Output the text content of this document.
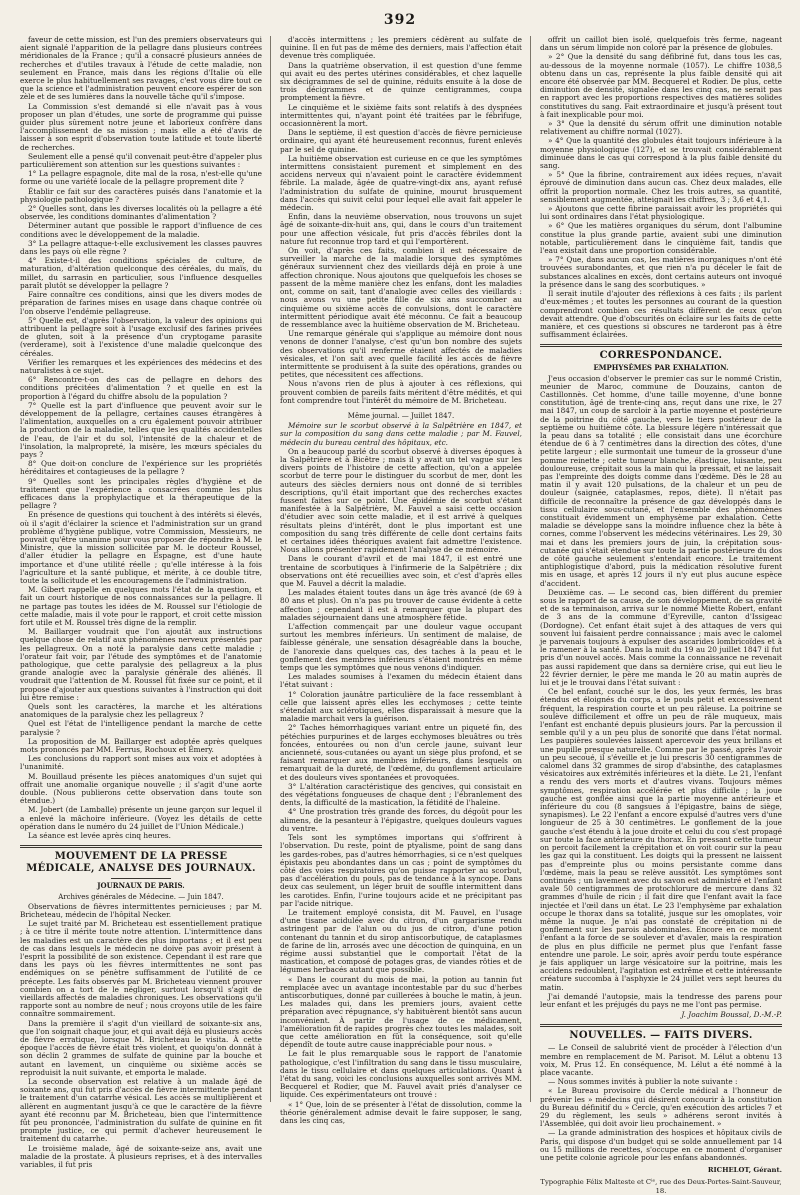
392

faveur de cette mission, est l'un des premiers observateurs qui aient signalé l'apparition de la pellagre dans plusieurs contrées méridionales de la France ; qu'il a consacré plusieurs années de recherches et d'utiles travaux à l'étude de cette maladie, non seulement en France, mais dans les régions d'Italie où elle exerce le plus habituellement ses ravages, c'est vous dire tout ce que la science et l'administration peuvent encore espérer de son zèle et de ses lumières dans la nouvelle tâche qu'il s'impose.

La Commission s'est demandé si elle n'avait pas à vous proposer un plan d'études, une sorte de programme qui puisse guider plus sûrement notre jeune et laborieux confrère dans l'accomplissement de sa mission ; mais elle a été d'avis de laisser à son esprit d'observation toute latitude et toute liberté de recherches.

Seulement elle a pensé qu'il convenait peut-être d'appeler plus particulièrement son attention sur les questions suivantes :

1° La pellagre espagnole, dite mal de la rosa, n'est-elle qu'une forme ou une variété locale de la pellagre proprement dite ?

Établir ce fait sur des caractères puisés dans l'anatomie et la physiologie pathologique ?

2° Quelles sont, dans les diverses localités où la pellagre a été observée, les conditions dominantes d'alimentation ?

Déterminer autant que possible le rapport d'influence de ces conditions avec le développement de la maladie.

3° La pellagre attaque-t-elle exclusivement les classes pauvres dans les pays où elle règne ?

4° Existe-t-il des conditions spéciales de culture, de maturation, d'altération quelconque des céréales, du maïs, du millet, du sarrasin en particulier, sous l'influence desquelles paraît plutôt se développer la pellagre ?

Faire connaître ces conditions, ainsi que les divers modes de préparation de farines mises en usage dans chaque contrée où l'on observe l'endémie pellagreuse.

5° Quelle est, d'après l'observation, la valeur des opinions qui attribuent la pellagre soit à l'usage exclusif des farines privées de gluten, soit à la présence d'un cryptogame parasite (verderame), soit à l'existence d'une maladie quelconque des céréales.

Vérifier les remarques et les expériences des médecins et des naturalistes à ce sujet.

6° Rencontre-t-on des cas de pellagre en dehors des conditions précitées d'alimentation ? et quelle en est la proportion à l'égard du chiffre absolu de la population ?

7° Quelle est la part d'influence que peuvent avoir sur le développement de la pellagre, certaines causes étrangères à l'alimentation, auxquelles on a cru également pouvoir attribuer la production de la maladie, telles que les qualités accidentelles de l'eau, de l'air et du sol, l'intensité de la chaleur et de l'insolation, la malpropreté, la misère, les mœurs spéciales du pays ?

8° Que doit-on conclure de l'expérience sur les propriétés héréditaires et contagieuses de la pellagre ?

9° Quelles sont les principales règles d'hygiène et de traitement que l'expérience a consacrées comme les plus efficaces dans la prophylactique et la thérapeutique de la pellagre ?

En présence de questions qui touchent à des intérêts si élevés, où il s'agit d'éclairer la science et l'administration sur un grand problème d'hygiène publique, votre Commission, Messieurs, ne pouvait qu'être unanime pour vous proposer de répondre à M. le Ministre, que la mission sollicitée par M. le docteur Roussel, d'aller étudier la pellagre en Espagne, est d'une haute importance et d'une utilité réelle ; qu'elle intéresse à la fois l'agriculture et la santé publique, et mérite, à ce double titre, toute la sollicitude et les encouragemens de l'administration.

M. Gibert rappelle en quelques mots l'état de la question, et fait un court historique de nos connaissances sur la pellagre. Il ne partage pas toutes les idées de M. Roussel sur l'étiologie de cette maladie, mais il vote pour le rapport, et croit cette mission fort utile et M. Roussel très digne de la remplir.

M. Baillarger voudrait que l'on ajoutât aux instructions quelque chose de relatif aux phénomènes nerveux présentés par les pellagreux. On a noté la paralysie dans cette maladie ; l'orateur fait voir, par l'étude des symptômes et de l'anatomie pathologique, que cette paralysie des pellagreux a la plus grande analogie avec la paralysie générale des aliénés. Il voudrait que l'attention de M. Roussel fût fixée sur ce point, et il propose d'ajouter aux questions suivantes à l'instruction qui doit lui être remise :

Quels sont les caractères, la marche et les altérations anatomiques de la paralysie chez les pellagreux ?

Quel est l'état de l'intelligence pendant la marche de cette paralysie ?

La proposition de M. Baillarger est adoptée après quelques mots prononcés par MM. Ferrus, Rochoux et Émery.

Les conclusions du rapport sont mises aux voix et adoptées à l'unanimité.

M. Bouillaud présente les pièces anatomiques d'un sujet qui offrait une anomalie organique nouvelle ; il s'agit d'une aorte double. (Nous publierons cette observation dans toute son étendue.)

M. Jobert (de Lamballe) présente un jeune garçon sur lequel il a enlevé la mâchoire inférieure. (Voyez les détails de cette opération dans le numéro du 24 juillet de l'Union Médicale.)

La séance est levée après cinq heures.

MOUVEMENT DE LA PRESSE MÉDICALE, ANALYSE DES JOURNAUX.
JOURNAUX DE PARIS.
Archives générales de Médecine. — Juin 1847.

Observations de fièvres intermittentes pernicieuses ; par M. Bricheteau, médecin de l'hôpital Necker.

Le sujet traité par M. Bricheteau est essentiellement pratique ; à ce titre il mérite toute notre attention. L'intermittence dans les maladies est un caractère des plus importans ; et il est peu de cas dans lesquels le médecin ne doive pas avoir présent à l'esprit la possibilité de son existence. Cependant il est rare que dans les pays où les fièvres intermittentes ne sont pas endémiques on se pénètre suffisamment de l'utilité de ce précepte. Les faits observés par M. Bricheteau viennent prouver combien on a tort de le négliger, surtout lorsqu'il s'agit de vieillards affectés de maladies chroniques. Les observations qu'il rapporte sont au nombre de neuf ; nous croyons utile de les faire connaître sommairement.

Dans la première il s'agit d'un vieillard de soixante-six ans, que l'on soignait chaque jour, et qui avait déjà eu plusieurs accès de fièvre erratique, lorsque M. Bricheteau le visita. À cette époque l'accès de fièvre était très violent, et quoiqu'on donnât à son déclin 2 grammes de sulfate de quinine par la bouche et autant en lavement, un cinquième ou sixième accès se reproduisit la nuit suivante, et emporta le malade.

La seconde observation est relative à un malade âgé de soixante ans, qui fut pris d'accès de fièvre intermittente pendant le traitement d'un catarrhe vésical. Les accès se multiplièrent et allèrent en augmentant jusqu'à ce que le caractère de la fièvre ayant été reconnu par M. Bricheteau, bien que l'intermittence fût peu prononcée, l'administration du sulfate de quinine en fit prompte justice, ce qui permit d'achever heureusement le traitement du catarrhe.

Le troisième malade, âgé de soixante-seize ans, avait une maladie de la prostate. À plusieurs reprises, et à des intervalles variables, il fut pris

d'accès intermittens ; les premiers cédèrent au sulfate de quinine. Il en fut pas de même des derniers, mais l'affection était devenue très compliquée.

Dans la quatrième observation, il est question d'une femme qui avait eu des pertes utérines considérables, et chez laquelle six décigrammes de sel de quinine, réduits ensuite à la dose de trois décigrammes et de quinze centigrammes, coupa promptement la fièvre.

Le cinquième et le sixième faits sont relatifs à des dyspnées intermittentes qui, n'ayant point été traitées par le fébrifuge, occasionnèrent la mort.

Dans le septième, il est question d'accès de fièvre pernicieuse ordinaire, qui ayant été heureusement reconnus, furent enlevés par le sel de quinine.

La huitième observation est curieuse en ce que les symptômes intermittens consistaient purement et simplement en des accidens nerveux qui n'avaient point le caractère évidemment fébrile. La malade, âgée de quatre-vingt-dix ans, ayant refusé l'administration du sulfate de quinine, mourut brusquement dans l'accès qui suivit celui pour lequel elle avait fait appeler le médecin.

Enfin, dans la neuvième observation, nous trouvons un sujet âgé de soixante-dix-huit ans, qui, dans le cours d'un traitement pour une affection vésicale, fut pris d'accès fébriles dont la nature fut reconnue trop tard et qui l'emportèrent.

On voit, d'après ces faits, combien il est nécessaire de surveiller la marche de la maladie lorsque des symptômes généraux surviennent chez des vieillards déjà en proie à une affection chronique. Nous ajoutons que quelquefois les choses se passent de la même manière chez les enfans, dont les maladies ont, comme on sait, tant d'analogie avec celles des vieillards : nous avons vu une petite fille de six ans succomber au cinquième ou sixième accès de convulsions, dont le caractère intermittent périodique avait été méconnu. Ce fait a beaucoup de ressemblance avec la huitième observation de M. Bricheteau.

Une remarque générale qui s'applique au mémoire dont nous venons de donner l'analyse, c'est qu'un bon nombre des sujets des observations qu'il renferme étaient affectés de maladies vésicales, et l'on sait avec quelle facilité les accès de fièvre intermittente se produisent à la suite des opérations, grandes ou petites, que nécessitent ces affections.

Nous n'avons rien de plus à ajouter à ces réflexions, qui prouvent combien de pareils faits méritent d'être médités, et qui font comprendre tout l'intérêt du mémoire de M. Bricheteau.

Même journal. — Juillet 1847.

Mémoire sur le scorbut observé à la Salpêtrière en 1847, et sur la composition du sang dans cette maladie ; par M. Fauvel, médecin du bureau central des hôpitaux, etc.

On a beaucoup parlé du scorbut observé à diverses époques à la Salpêtrière et à Bicêtre ; mais il y avait un tel vague sur les divers points de l'histoire de cette affection, qu'on a appelée scorbut de terre pour le distinguer du scorbut de mer, dont les auteurs des siècles derniers nous ont donné de si terribles descriptions, qu'il était important que des recherches exactes fussent faites sur ce point. Une épidémie de scorbut s'étant manifestée à la Salpêtrière, M. Fauvel a saisi cette occasion d'étudier avec soin cette maladie, et il est arrivé à quelques résultats pleins d'intérêt, dont le plus important est une composition du sang très différente de celle dont certains faits et certaines idées théoriques avaient fait admettre l'existence. Nous allons présenter rapidement l'analyse de ce mémoire.

Dans le courant d'avril et de mai 1847, il est entré une trentaine de scorbutiques à l'infirmerie de la Salpêtrière ; dix observations ont été recueillies avec soin, et c'est d'après elles que M. Fauvel a décrit la maladie.

Les malades étaient toutes dans un âge très avancé (de 69 à 80 ans et plus). On n'a pas pu trouver de cause évidente à cette affection ; cependant il est à remarquer que la plupart des malades séjournaient dans une atmosphère fétide.

L'affection commençait par une douleur vague occupant surtout les membres inférieurs. Un sentiment de malaise, de faiblesse générale, une sensation désagréable dans la bouche, de l'anorexie dans quelques cas, des taches à la peau et le gonflement des membres inférieurs s'étaient montrés en même temps que les symptômes que nous venons d'indiquer.

Les malades soumises à l'examen du médecin étaient dans l'état suivant :

1° Coloration jaunâtre particulière de la face ressemblant à celle que laissent après elles les ecchymoses ; cette teinte s'étendait aux sclérotiques, elles disparaissait à mesure que la maladie marchait vers la guérison.

2° Taches hémorrhagiques variant entre un piqueté fin, des pétéchies purpurines et de larges ecchymoses bleuâtres ou très foncées, entourées ou non d'un cercle jaune, suivant leur ancienneté, sous-cutanées ou ayant un siège plus profond, et se faisant remarquer aux membres inférieurs, dans lesquels on remarquait de la dureté, de l'œdème, du gonflement articulaire et des douleurs vives spontanées et provoquées.

3° L'altération caractéristique des gencives, qui consistait en des végétations fongueuses de chaque dent ; l'ébranlement des dents, la difficulté de la mastication, la fétidité de l'haleine.

4° Une prostration très grande des forces, du dégoût pour les alimens, de la pesanteur à l'épigastre, quelques douleurs vagues du ventre.

Tels sont les symptômes importans qui s'offrirent à l'observation. Du reste, point de ptyalisme, point de sang dans les gardes-robes, pas d'autres hémorrhagies, si ce n'est quelques épistaxis peu abondantes dans un cas ; point de symptômes du côté des voies respiratoires qu'on puisse rapporter au scorbut, pas d'accélération du pouls, pas de tendance à la syncope. Dans deux cas seulement, un léger bruit de souffle intermittent dans les carotides. Enfin, l'urine toujours acide et ne précipitant pas par l'acide nitrique.

Le traitement employé consista, dit M. Fauvel, en l'usage d'une tisane acidulée avec du citron, d'un gargarisme rendu astringent par de l'alun ou du jus de citron, d'une potion contenant du tannin et du sirop antiscorbutique, de cataplasmes de farine de lin, arrosés avec une décoction de quinquina, en un régime aussi substantiel que le comportait l'état de la mastication, et composé de potages gras, de viandes rôties et de légumes herbacés autant que possible.

« Dans le courant du mois de mai, la potion au tannin fut remplacée avec un avantage incontestable par du suc d'herbes antiscorbutiques, donné par cuillerées à bouche le matin, à jeun. Les malades qui, dans les premiers jours, avaient cette préparation avec répugnance, s'y habituèrent bientôt sans aucun inconvénient. À partir de l'usage de ce médicament, l'amélioration fit de rapides progrès chez toutes les malades, soit que cette amélioration en fût la conséquence, soit qu'elle dépendît de toute autre cause inappréciable pour nous. »

Le fait le plus remarquable sous le rapport de l'anatomie pathologique, c'est l'infiltration du sang dans le tissu musculaire, dans le tissu cellulaire et dans quelques articulations. Quant à l'état du sang, voici les conclusions auxquelles sont arrivés MM. Becquerel et Rodier, que M. Fauvel avait priés d'analyser ce liquide. Ces expérimentateurs ont trouvé :

« 1° Que, loin de se présenter à l'état de dissolution, comme la théorie généralement admise devait le faire supposer, le sang, dans les cinq cas,

offrit un caillot bien isolé, quelquefois très ferme, nageant dans un sérum limpide non coloré par la présence de globules.

» 2° Que la densité du sang défibriné fut, dans tous les cas, au-dessous de la moyenne normale (1057). Le chiffre 1038,5 obtenu dans un cas, représente la plus faible densité qui ait encore été observée par MM. Becquerel et Rodier. De plus, cette diminution de densité, signalée dans les cinq cas, ne serait pas en rapport avec les proportions respectives des matières solides constitutives du sang. Fait extraordinaire et jusqu'à présent tout à fait inexplicable pour moi.

» 3° Que la densité du sérum offrit une diminution notable relativement au chiffre normal (1027).

» 4° Que la quantité des globules était toujours inférieure à la moyenne physiologique (127), et se trouvait considérablement diminuée dans le cas qui correspond à la plus faible densité du sang.

» 5° Que la fibrine, contrairement aux idées reçues, n'avait éprouvé de diminution dans aucun cas. Chez deux malades, elle offrit la proportion normale. Chez les trois autres, sa quantité, sensiblement augmentée, atteignait les chiffres, 3 ; 3,6 et 4,1.

» Ajoutons que cette fibrine paraissait avoir les propriétés qui lui sont ordinaires dans l'état physiologique.

» 6° Que les matières organiques du sérum, dont l'albumine constitue la plus grande partie, avaient subi une diminution notable, particulièrement dans le cinquième fait, tandis que l'eau existait dans une proportion considérable.

» 7° Que, dans aucun cas, les matières inorganiques n'ont été trouvées surabondantes, et que rien n'a pu déceler le fait de substances alcalines en excès, dont certains auteurs ont invoqué la présence dans le sang des scorbutiques. »

Il serait inutile d'ajouter des réflexions à ces faits ; ils parlent d'eux-mêmes ; et toutes les personnes au courant de la question comprendront combien ces résultats diffèrent de ceux qu'on devait attendre. Que d'obscurités on éclaire sur les faits de cette manière, et ces questions si obscures ne tarderont pas à être suffisamment éclairées.

CORRESPONDANCE.
EMPHYSÈMES PAR EXHALATION.

J'eus occasion d'observer le premier cas sur le nommé Cristin, meunier de Maroc, commune de Douzains, canton de Castillonnès. Cet homme, d'une taille moyenne, d'une bonne constitution, âgé de trente-cinq ans, reçut dans une rixe, le 27 mai 1847, un coup de sarcloir à la partie moyenne et postérieure de la poitrine du côté gauche, vers le tiers postérieur de la septième ou huitième côte. La blessure légère n'intéressait que la peau dans sa totalité ; elle consistait dans une écorchure étendue de 6 à 7 centimètres dans la direction des côtes, d'une petite largeur ; elle surmontait une tumeur de la grosseur d'une pomme reinette ; cette tumeur blanche, élastique, luisante, peu douloureuse, crépitait sous la main qui la pressait, et ne laissait pas l'empreinte des doigts comme dans l'œdème. Dès le 28 au matin il y avait 120 pulsations, de la chaleur et un peu de douleur (saignée, cataplasmes, repos, diète). Il n'était pas difficile de reconnaître la présence de gaz développés dans le tissu cellulaire sous-cutané, et l'ensemble des phénomènes constituait évidemment un emphysème par exhalation. Cette maladie se développe sans la moindre influence chez la bête à cornes, comme l'observent les médecins vétérinaires. Les 29, 30 mai et dans les premiers jours de juin, la crépitation sous-cutanée qui s'était étendue sur toute la partie postérieure du dos de côté gauche seulement s'entendait encore. Le traitement antiphlogistique d'abord, puis la médication résolutive furent mis en usage, et après 12 jours il n'y eut plus aucune espèce d'accident.

Deuxième cas. — Le second cas, bien différent du premier sous le rapport de sa cause, de son développement, de sa gravité et de sa terminaison, arriva sur le nommé Miette Robert, enfant de 3 ans de la commune d'Eyreville, canton d'Issigeac (Dordogne). Cet enfant était sujet à des attaques de vers qui souvent lui faisaient perdre connaissance ; mais avec le calomel je parvenais toujours à expulser des ascarides lombricoïdes et à le ramener à la santé. Dans la nuit du 19 au 20 juillet 1847 il fut pris d'un nouvel accès. Mais comme la connaissance ne revenait pas aussi rapidement que dans sa dernière crise, qui eut lieu le 22 février dernier, le père me manda le 20 au matin auprès de lui et je le trouvai dans l'état suivant :

Ce bel enfant, couché sur le dos, les yeux fermés, les bras étendus et éloignés du corps, a le pouls petit et excessivement fréquent, la respiration courte et un peu râleuse. La poitrine se soulève difficilement et offre un peu de râle muqueux, mais l'enfant est enchanté depuis plusieurs jours. Par la percussion il semble qu'il y a un peu plus de sonorité que dans l'état normal. Les paupières soulevées laissent apercevoir des yeux brillans et une pupille presque naturelle. Comme par le passé, après l'avoir un peu secoué, il s'éveille et je lui prescris 30 centigrammes de calomel dans 32 grammes de sirop d'absinthe, des cataplasmes vésicatoires aux extrémités inférieures et la diète. Le 21, l'enfant a rendu des vers morts et d'autres vivans. Toujours mêmes symptômes, respiration accélérée et plus difficile ; la joue gauche est gonflée ainsi que la partie moyenne antérieure et inférieure du cou (8 sangsues à l'épigastre, bains de siège, synapismes). Le 22 l'enfant a encore expulsé d'autres vers d'une longueur de 25 à 30 centimètres. Le gonflement de la joue gauche s'est étendu à la joue droite et celui du cou s'est propagé sur toute la face antérieure du thorax. En pressant cette tumeur on percoit facilement la crépitation et on voit courir sur la peau les gaz qui la constituent. Les doigts qui la pressent ne laissent pas d'empreinte plus ou moins persistante comme dans l'œdème, mais la peau se relève aussitôt. Les symptômes sont continués ; un lavement avec du savon est administré et l'enfant avale 50 centigrammes de protochlorure de mercure dans 32 grammes d'huile de ricin ; il fait dire que l'enfant avait la face injectée et l'œil dans un état. Le 23 l'emphysème par exhalation occupe le thorax dans sa totalité, jusque sur les omoplates, voir même la nuque. Je n'ai pas constaté de crépitation ni de gonflement sur les parois abdominales. Encore en ce moment l'enfant a la force de se soulever et d'avaler, mais la respiration de plus en plus difficile ne permet plus que l'enfant fasse entendre une parole. Le soir, après avoir perdu toute espérance je fais appliquer un large vésicatoire sur la poitrine, mais les accidens redoublent, l'agitation est extrême et cette intéressante créature succomba à l'asphyxie le 24 juillet vers sept heures du matin.

J'ai demandé l'autopsie, mais la tendresse des parens pour leur enfant et les préjugés du pays ne me l'ont pas permise.

J. Joachim Boussal, D.-M.-P.
NOUVELLES. — FAITS DIVERS.

— Le Conseil de salubrité vient de procéder à l'élection d'un membre en remplacement de M. Parisot. M. Lélut a obtenu 13 voix, M. Prus 12. En conséquence, M. Lélut a été nommé à la place vacante.

— Nous sommes invités à publier la note suivante :

« Le Bureau provisoire du Cercle médical a l'honneur de prévenir les » médecins qui désirent concourir à la constitution du Bureau définitif du » Cercle, qu'en exécution des articles 7 et 29 du règlement, les seuls » adhérens seront invités à l'Assemblée, qui doit avoir lieu prochainement. »

— La grande administration des hospices et hôpitaux civils de Paris, qui dispose d'un budget qui se solde annuellement par 14 ou 15 millions de recettes, s'occupe en ce moment d'organiser une petite colonie agricole pour les enfans abandonnés.

RICHELOT, Gérant.
Typographie Félix Malteste et Cⁱᵉ, rue des Deux-Portes-Saint-Sauveur, 18.
